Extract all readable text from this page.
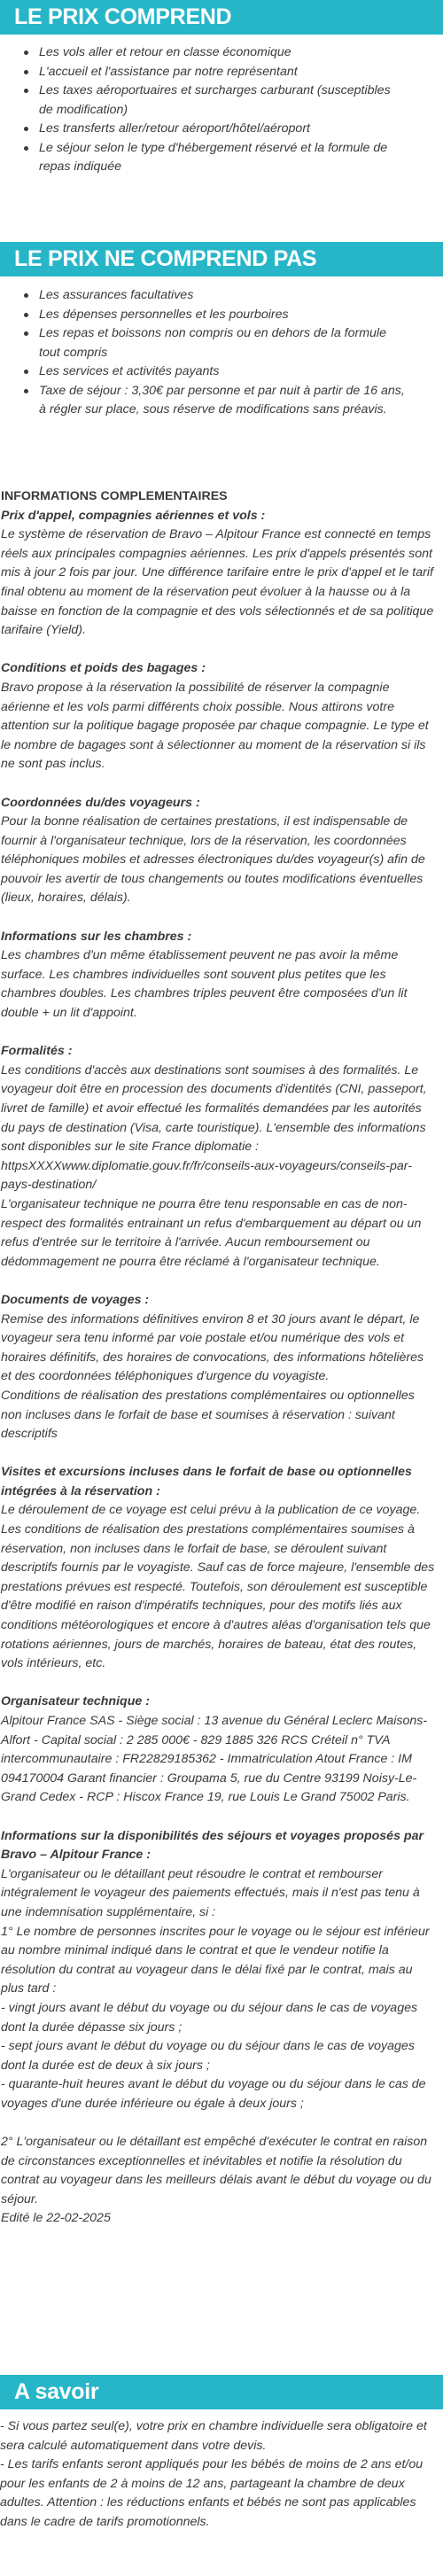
LE PRIX COMPREND
Les vols aller et retour en classe économique
L'accueil et l'assistance par notre représentant
Les taxes aéroportuaires et surcharges carburant (susceptibles de modification)
Les transferts aller/retour aéroport/hôtel/aéroport
Le séjour selon le type d'hébergement réservé et la formule de repas indiquée
LE PRIX NE COMPREND PAS
Les assurances facultatives
Les dépenses personnelles et les pourboires
Les repas et boissons non compris ou en dehors de la formule tout compris
Les services et activités payants
Taxe de séjour : 3,30€ par personne et par nuit à partir de 16 ans, à régler sur place, sous réserve de modifications sans préavis.

INFORMATIONS COMPLEMENTAIRES

Prix d'appel, compagnies aériennes et vols :

Le système de réservation de Bravo – Alpitour France est connecté en temps réels aux principales compagnies aériennes. Les prix d'appels présentés sont mis à jour 2 fois par jour. Une différence tarifaire entre le prix d'appel et le tarif final obtenu au moment de la réservation peut évoluer à la hausse ou à la baisse en fonction de la compagnie et des vols sélectionnés et de sa politique tarifaire (Yield).

Conditions et poids des bagages :

Bravo propose à la réservation la possibilité de réserver la compagnie aérienne et les vols parmi différents choix possible. Nous attirons votre attention sur la politique bagage proposée par chaque compagnie. Le type et le nombre de bagages sont à sélectionner au moment de la réservation si ils ne sont pas inclus.

Coordonnées du/des voyageurs :

Pour la bonne réalisation de certaines prestations, il est indispensable de fournir à l'organisateur technique, lors de la réservation, les coordonnées téléphoniques mobiles et adresses électroniques du/des voyageur(s) afin de pouvoir les avertir de tous changements ou toutes modifications éventuelles (lieux, horaires, délais).

Informations sur les chambres :

Les chambres d'un même établissement peuvent ne pas avoir la même surface. Les chambres individuelles sont souvent plus petites que les chambres doubles. Les chambres triples peuvent être composées d'un lit double + un lit d'appoint.

Formalités :

Les conditions d'accès aux destinations sont soumises à des formalités. Le voyageur doit être en procession des documents d'identités (CNI, passeport, livret de famille) et avoir effectué les formalités demandées par les autorités du pays de destination (Visa, carte touristique). L'ensemble des informations sont disponibles sur le site France diplomatie : httpsXXXXwww.diplomatie.gouv.fr/fr/conseils-aux-voyageurs/conseils-par-pays-destination/

L'organisateur technique ne pourra être tenu responsable en cas de non-respect des formalités entrainant un refus d'embarquement au départ ou un refus d'entrée sur le territoire à l'arrivée. Aucun remboursement ou dédommagement ne pourra être réclamé à l'organisateur technique.

Documents de voyages :

Remise des informations définitives environ 8 et 30 jours avant le départ, le voyageur sera tenu informé par voie postale et/ou numérique des vols et horaires définitifs, des horaires de convocations, des informations hôtelières et des coordonnées téléphoniques d'urgence du voyagiste.

Conditions de réalisation des prestations complémentaires ou optionnelles non incluses dans le forfait de base et soumises à réservation : suivant descriptifs

Visites et excursions incluses dans le forfait de base ou optionnelles intégrées à la réservation :

Le déroulement de ce voyage est celui prévu à la publication de ce voyage. Les conditions de réalisation des prestations complémentaires soumises à réservation, non incluses dans le forfait de base, se déroulent suivant descriptifs fournis par le voyagiste. Sauf cas de force majeure, l'ensemble des prestations prévues est respecté. Toutefois, son déroulement est susceptible d'être modifié en raison d'impératifs techniques, pour des motifs liés aux conditions météorologiques et encore à d'autres aléas d'organisation tels que rotations aériennes, jours de marchés, horaires de bateau, état des routes, vols intérieurs, etc.

Organisateur technique :

Alpitour France SAS - Siège social : 13 avenue du Général Leclerc Maisons-Alfort - Capital social : 2 285 000€ - 829 1885 326 RCS Créteil n° TVA intercommunautaire : FR22829185362 - Immatriculation Atout France : IM 094170004 Garant financier : Groupama 5, rue du Centre 93199 Noisy-Le-Grand Cedex - RCP : Hiscox France 19, rue Louis Le Grand 75002 Paris.

Informations sur la disponibilités des séjours et voyages proposés par Bravo – Alpitour France :

L'organisateur ou le détaillant peut résoudre le contrat et rembourser intégralement le voyageur des paiements effectués, mais il n'est pas tenu à une indemnisation supplémentaire, si :

1° Le nombre de personnes inscrites pour le voyage ou le séjour est inférieur au nombre minimal indiqué dans le contrat et que le vendeur notifie la résolution du contrat au voyageur dans le délai fixé par le contrat, mais au plus tard :

- vingt jours avant le début du voyage ou du séjour dans le cas de voyages dont la durée dépasse six jours ;

- sept jours avant le début du voyage ou du séjour dans le cas de voyages dont la durée est de deux à six jours ;

- quarante-huit heures avant le début du voyage ou du séjour dans le cas de voyages d'une durée inférieure ou égale à deux jours ;

2° L'organisateur ou le détaillant est empêché d'exécuter le contrat en raison de circonstances exceptionnelles et inévitables et notifie la résolution du contrat au voyageur dans les meilleurs délais avant le début du voyage ou du séjour.

Edité le 22-02-2025

A savoir

- Si vous partez seul(e), votre prix en chambre individuelle sera obligatoire et sera calculé automatiquement dans votre devis.

- Les tarifs enfants seront appliqués pour les bébés de moins de 2 ans et/ou pour les enfants de 2 à moins de 12 ans, partageant la chambre de deux adultes. Attention : les réductions enfants et bébés ne sont pas applicables dans le cadre de tarifs promotionnels.
